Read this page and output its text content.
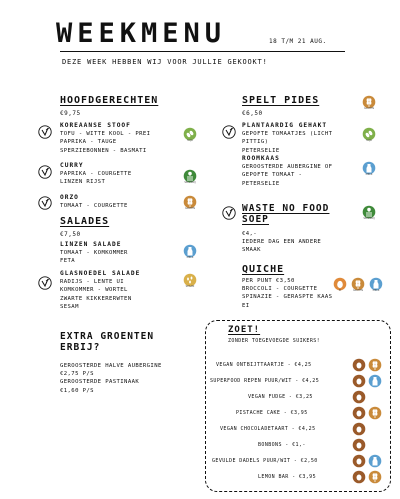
WEEKMENU	18 T/M 21 AUG.
DEZE WEEK HEBBEN WIJ VOOR JULLIE GEKOOKT!
HOOFDGERECHTEN
€9,75
KOREAANSE STOOF
TOFU - WITTE KOOL - PREI
PAPRIKA - TAUGE
SPERZIEBONNEN - BASMATI
SOJA
CURRY
PAPRIKA - COURGETTE
LINZEN RIJST	SELDERIJ
ORZO
TOMAAT - COURGETTE	GLUTEN
SALADES
€7,50
LINZEN SALADE
TOMAAT - KOMKOMMER
FETA
MELK
GLASNOEDEL SALADE
RADIJS - LENTE UI
KOMKOMMER - WORTEL
ZWARTE KIKKERERWTEN
SESAM
SESAM
EXTRA GROENTEN
ERBIJ?
GEROOSTERDE HALVE AUBERGINE
€2,75 P/S
GEROOSTERDE PASTINAAK
€1,60 P/S
SPELT PIDES
€6,50
GLUTEN
PLANTAARDIG GEHAKT
GEPOFTE TOMAATJES (LICHT
PITTIG)
PETERSELIE
SOJA
ROOMKAAS
GEROOSTERDE AUBERGINE OF
GEPOFTE TOMAAT -
PETERSELIE
MELK
WASTE NO FOOD
SOEP	SELDERIJ
€4,-
IEDERE DAG EEN ANDERE
SMAAK
QUICHE
PER PUNT €3,50
BROCCOLI - COURGETTE
SPINAZIE - GERASPTE KAAS
EI
EI	GLUTEN	MELK
ZOET!
ZONDER TOEGEVOEGDE SUIKERS!
VEGAN ONTBIJTTAARTJE - €4,25
SUPERFOOD REPEN PUUR/WIT - €4,25
VEGAN FUDGE - €3,25
PISTACHE CAKE - €3,95
VEGAN CHOCOLADETAART - €4,25
BONBONS - €1,-
GEVULDE DADELS PUUR/WIT - €2,50
LEMON BAR - €3,95
